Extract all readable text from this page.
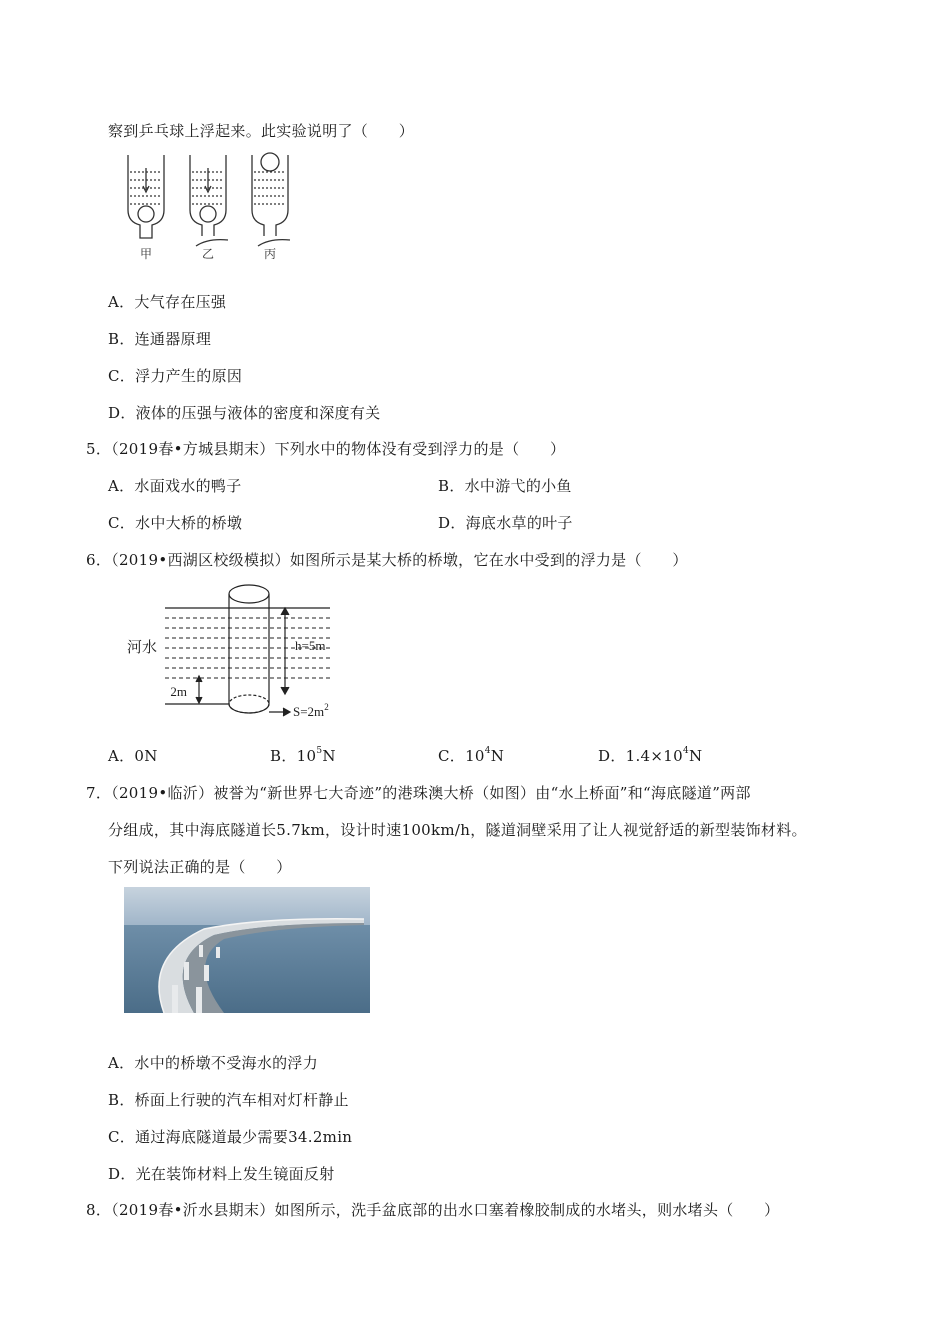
察到乒乓球上浮起来。此实验说明了（　　）
甲	乙	丙
A．大气存在压强
B．连通器原理
C．浮力产生的原因
D．液体的压强与液体的密度和深度有关
5．（2019春•方城县期末）下列水中的物体没有受到浮力的是（　　）
A．水面戏水的鸭子	B．水中游弋的小鱼
C．水中大桥的桥墩	D．海底水草的叶子
6．（2019•西湖区校级模拟）如图所示是某大桥的桥墩，它在水中受到的浮力是（　　）
河水	h=5m
2m
$S=2m^2$
A．0N	B．$10^5N$	C．$10^4N$	D．$1.4\times 10^4N$
7．（2019•临沂）被誉为“新世界七大奇迹”的港珠澳大桥（如图）由“水上桥面”和“海底隧道”两部
分组成，其中海底隧道长5.7km，设计时速100km/h，隧道洞壁采用了让人视觉舒适的新型装饰材料。
下列说法正确的是（　　）
A．水中的桥墩不受海水的浮力
B．桥面上行驶的汽车相对灯杆静止
C．通过海底隧道最少需要34.2min
D．光在装饰材料上发生镜面反射
8．（2019春•沂水县期末）如图所示，洗手盆底部的出水口塞着橡胶制成的水堵头，则水堵头（　　）
